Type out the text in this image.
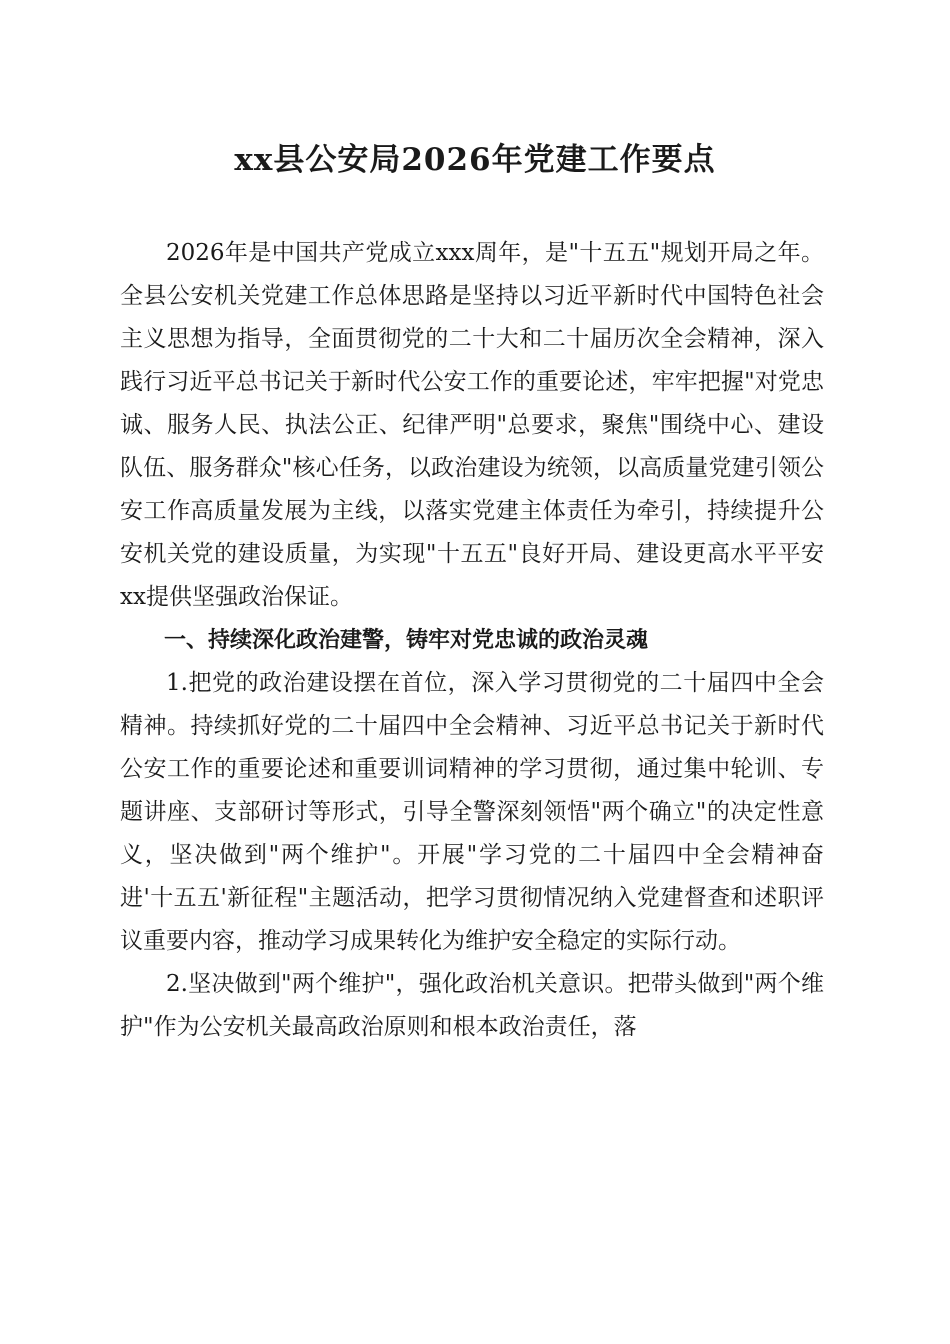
xx县公安局2026年党建工作要点

2026年是中国共产党成立xxx周年，是"十五五"规划开局之年。全县公安机关党建工作总体思路是坚持以习近平新时代中国特色社会主义思想为指导，全面贯彻党的二十大和二十届历次全会精神，深入践行习近平总书记关于新时代公安工作的重要论述，牢牢把握"对党忠诚、服务人民、执法公正、纪律严明"总要求，聚焦"围绕中心、建设队伍、服务群众"核心任务，以政治建设为统领，以高质量党建引领公安工作高质量发展为主线，以落实党建主体责任为牵引，持续提升公安机关党的建设质量，为实现"十五五"良好开局、建设更高水平平安xx提供坚强政治保证。

一、持续深化政治建警，铸牢对党忠诚的政治灵魂

1.把党的政治建设摆在首位，深入学习贯彻党的二十届四中全会精神。持续抓好党的二十届四中全会精神、习近平总书记关于新时代公安工作的重要论述和重要训词精神的学习贯彻，通过集中轮训、专题讲座、支部研讨等形式，引导全警深刻领悟"两个确立"的决定性意义，坚决做到"两个维护"。开展"学习党的二十届四中全会精神奋进'十五五'新征程"主题活动，把学习贯彻情况纳入党建督查和述职评议重要内容，推动学习成果转化为维护安全稳定的实际行动。

2.坚决做到"两个维护"，强化政治机关意识。把带头做到"两个维护"作为公安机关最高政治原则和根本政治责任，落
